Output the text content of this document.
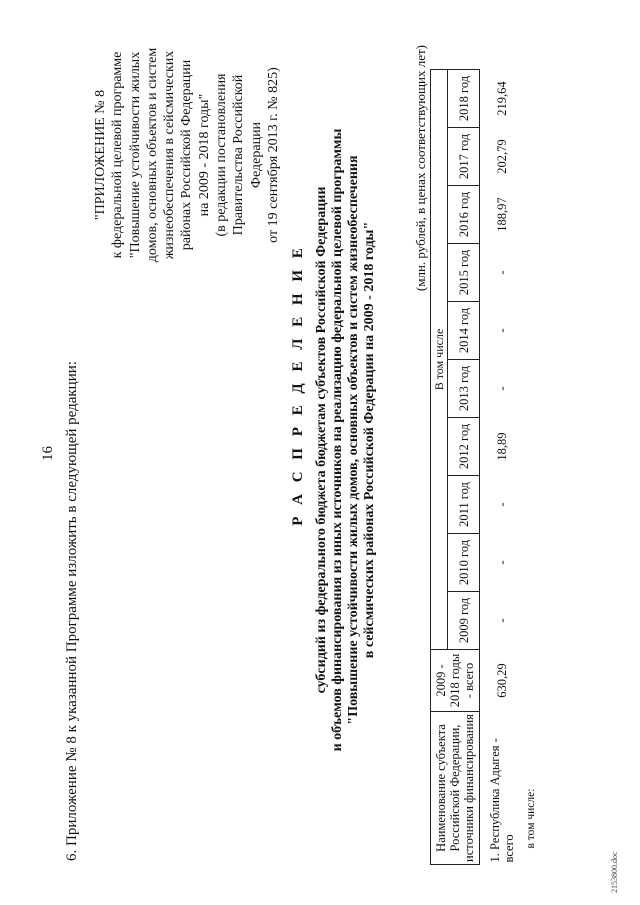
16 6. Приложение № 8 к указанной Программе изложить в следующей редакции:
"ПРИЛОЖЕНИЕ № 8 к федеральной целевой программе "Повышение устойчивости жилых домов, основных объектов и систем жизнеобеспечения в сейсмических районах Российской Федерации на 2009 - 2018 годы" (в редакции постановления Правительства Российской Федерации от 19 сентября 2013 г. № 825)
Р А С П Р Е Д Е Л Е Н И Е субсидий из федерального бюджета бюджетам субъектов Российской Федерации и объемов финансирования из иных источников на реализацию федеральной целевой программы "Повышение устойчивости жилых домов, основных объектов и систем жизнеобеспечения в сейсмических районах Российской Федерации на 2009 - 2018 годы"
(млн. рублей, в ценах соответствующих лет)
Наименование субъекта Российской Федерации, источники финансирования	2009 - 2018 годы - всего	В том числе									
		2009 год	2010 год	2011 год	2012 год	2013 год	2014 год	2015 год	2016 год	2017 год	2018 год
1. Республика Адыгея - всего	630,29	-	-	-	18,89	-	-	-	188,97	202,79	219,64
в том числе:											
2153800.doc
